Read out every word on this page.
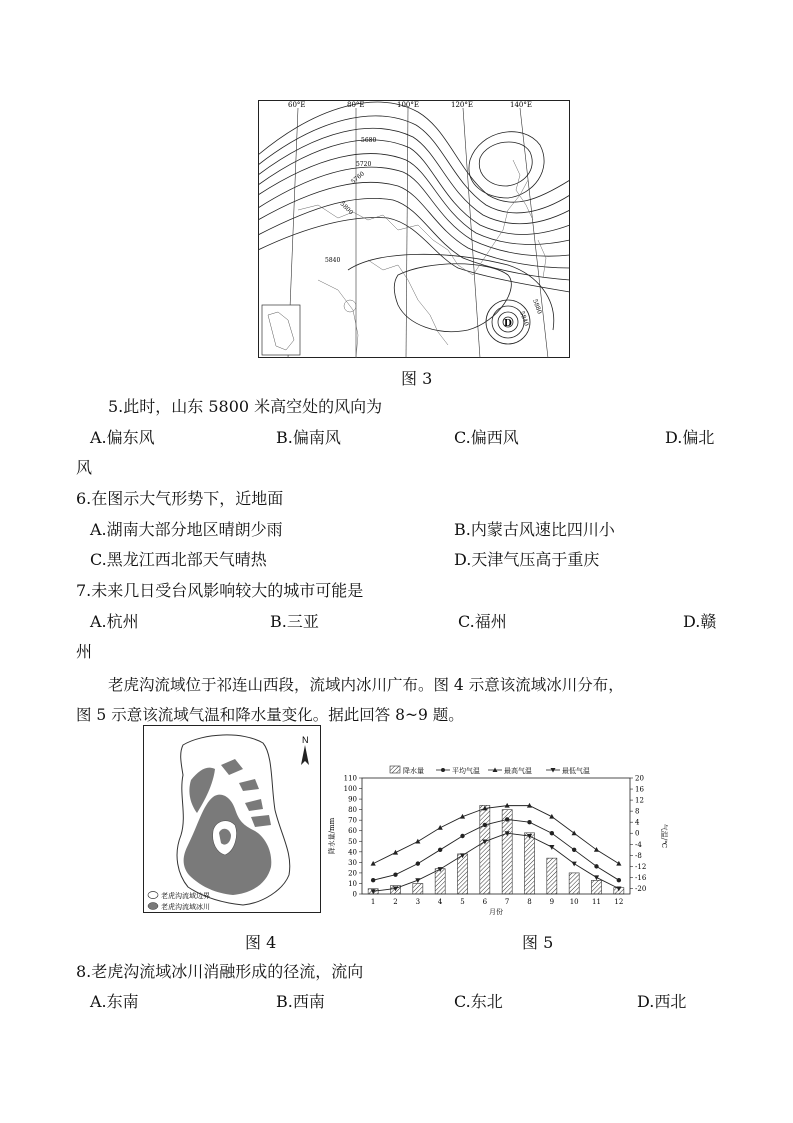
60°E	80°E	100°E	120°E	140°E
5680
5720
5760
5800
5840
5880
5840
D
图 3
5.此时，山东 5800 米高空处的风向为
A.偏东风	B.偏南风	C.偏西风	D.偏北
风
6.在图示大气形势下，近地面
A.湖南大部分地区晴朗少雨	B.内蒙古风速比四川小
C.黑龙江西北部天气晴热	D.天津气压高于重庆
7.未来几日受台风影响较大的城市可能是
A.杭州	B.三亚	C.福州	D.赣
州
老虎沟流域位于祁连山西段，流域内冰川广布。图 4 示意该流域冰川分布，
图 5 示意该流域气温和降水量变化。据此回答 8~9 题。
N
老虎沟流域边界
老虎沟流域冰川
图 4
0
10
20
30
40
50
60
70
80
90
100
110
-20
-16
-12
-8
-4
0
4
8
12
16
20
1	2	3	4	5	6	7	8	9 10 11 12
月份
降水量/mm	气温/℃
降水量	平均气温	最高气温	最低气温
图 5
8.老虎沟流域冰川消融形成的径流，流向
A.东南	B.西南	C.东北	D.西北
